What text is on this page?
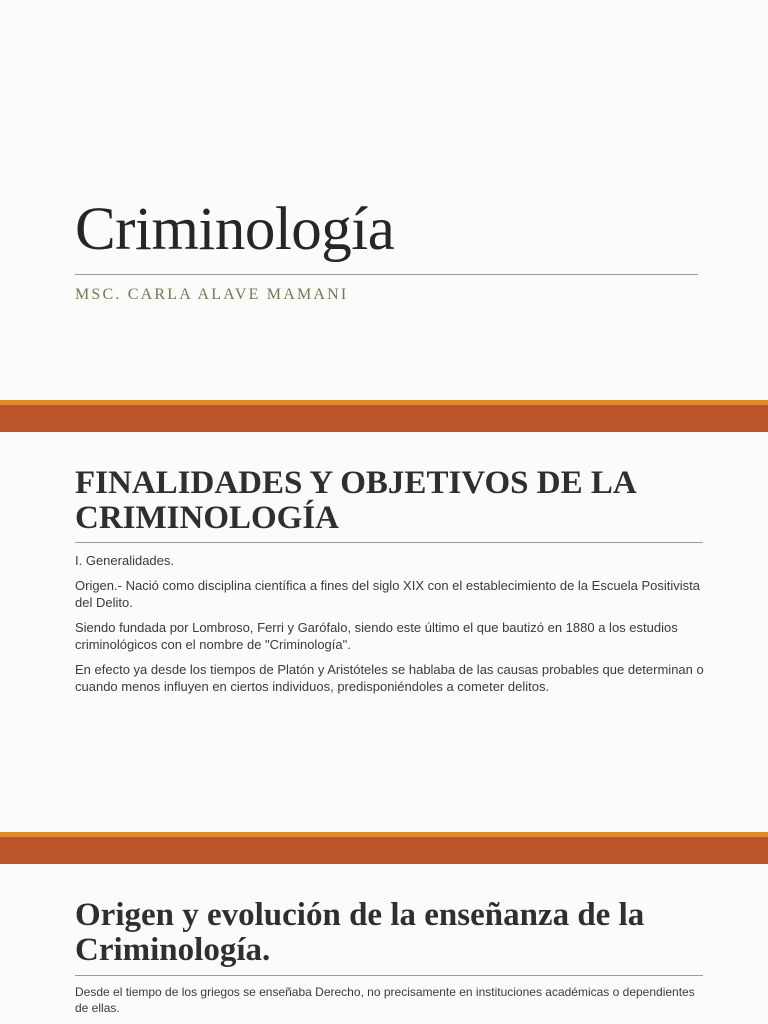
Criminología

MSC. CARLA ALAVE MAMANI

FINALIDADES Y OBJETIVOS DE LA CRIMINOLOGÍA

I. Generalidades.

Origen.- Nació como disciplina científica a fines del siglo XIX con el establecimiento de la Escuela Positivista del Delito.

Siendo fundada por Lombroso, Ferri y Garófalo, siendo este último el que bautizó en 1880 a los estudios criminológicos con el nombre de "Criminología".

En efecto ya desde los tiempos de Platón y Aristóteles se hablaba de las causas probables que determinan o cuando menos influyen en ciertos individuos, predisponiéndoles a cometer delitos.

Origen y evolución de la enseñanza de la Criminología.

Desde el tiempo de los griegos se enseñaba Derecho, no precisamente en instituciones académicas o dependientes de ellas.
